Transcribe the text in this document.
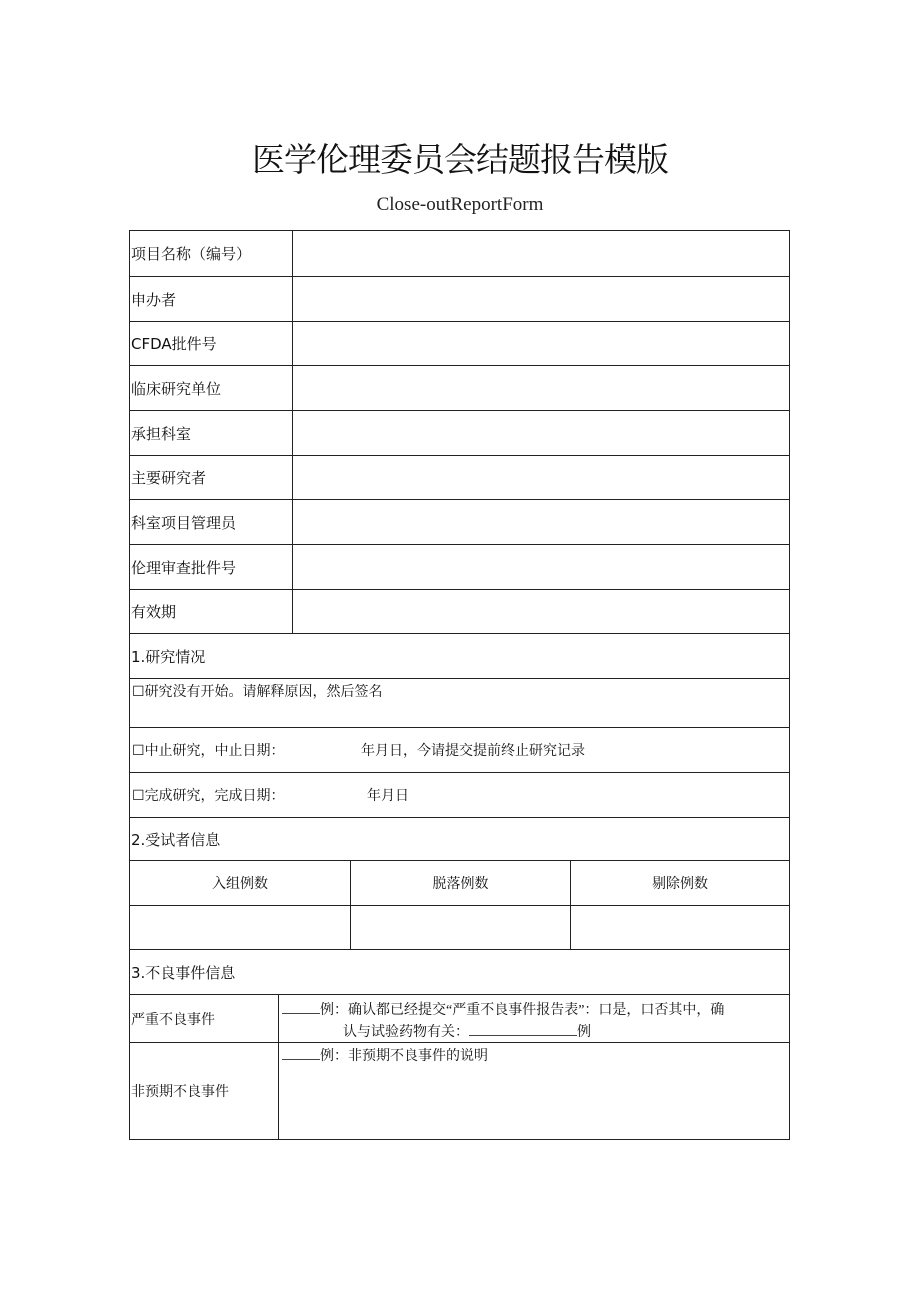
医学伦理委员会结题报告模版
Close-outReportForm
项目名称（编号）
申办者
CFDA批件号
临床研究单位
承担科室
主要研究者
科室项目管理员
伦理审查批件号
有效期
1.研究情况
☐研究没有开始。请解释原因，然后签名
☐中止研究，中止日期：	年月日，今请提交提前终止研究记录
☐完成研究，完成日期：	年月日
2.受试者信息
入组例数	脱落例数	剔除例数
3.不良事件信息
严重不良事件
例：确认都已经提交“严重不良事件报告表”：口是，口否其中，确
认与试验药物有关：	例
非预期不良事件
例：非预期不良事件的说明
